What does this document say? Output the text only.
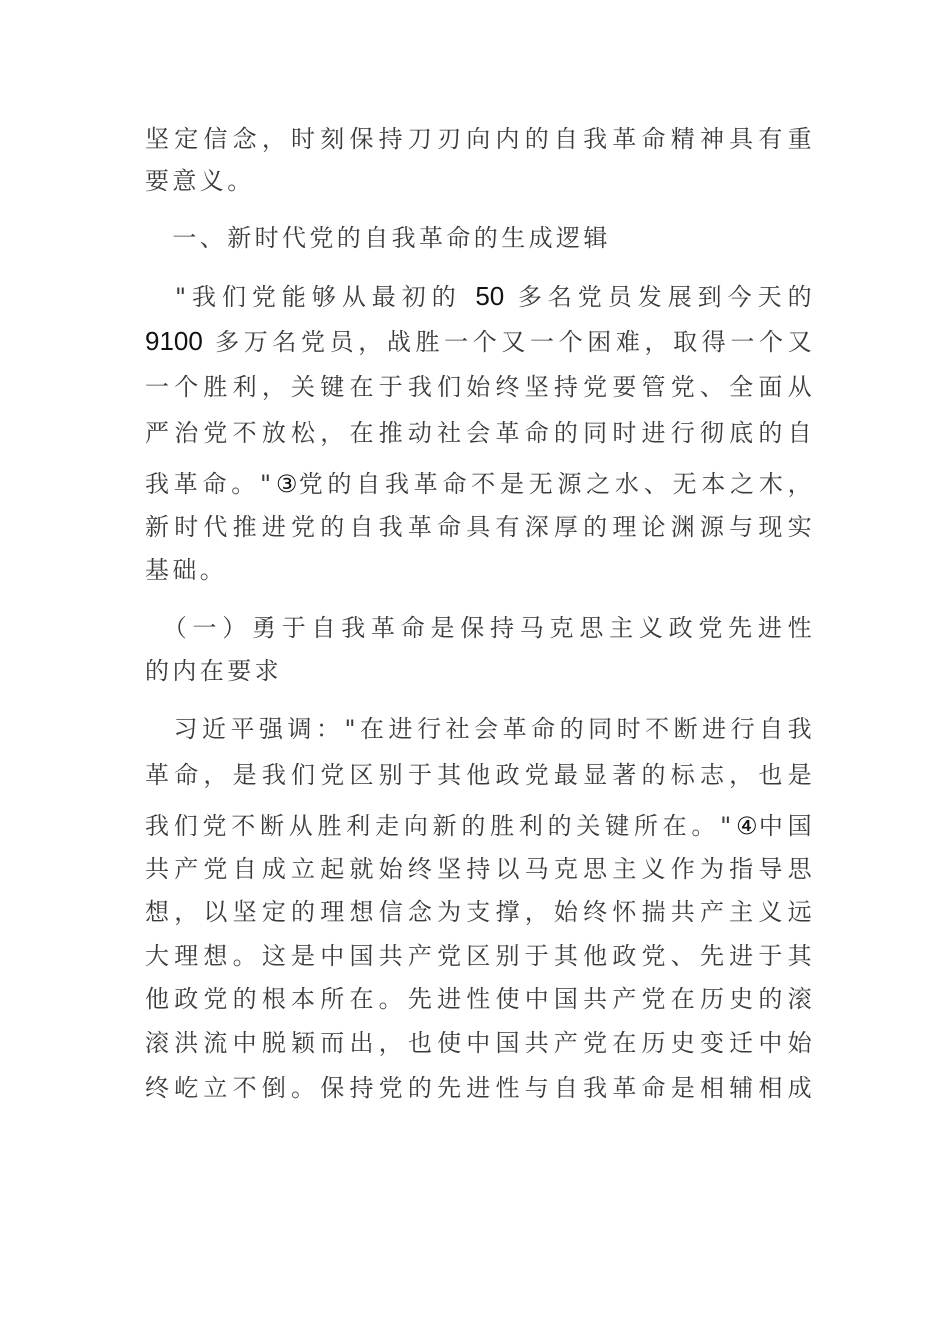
坚定信念，时刻保持刀刃向内的自我革命精神具有重
要意义。
　一、新时代党的自我革命的生成逻辑
　"我们党能够从最初的 50 多名党员发展到今天的
9100 多万名党员，战胜一个又一个困难，取得一个又
一个胜利，关键在于我们始终坚持党要管党、全面从
严治党不放松，在推动社会革命的同时进行彻底的自
我革命。"③党的自我革命不是无源之水、无本之木，
新时代推进党的自我革命具有深厚的理论渊源与现实
基础。
　（一）勇于自我革命是保持马克思主义政党先进性
的内在要求
　习近平强调："在进行社会革命的同时不断进行自我
革命，是我们党区别于其他政党最显著的标志，也是
我们党不断从胜利走向新的胜利的关键所在。"④中国
共产党自成立起就始终坚持以马克思主义作为指导思
想，以坚定的理想信念为支撑，始终怀揣共产主义远
大理想。这是中国共产党区别于其他政党、先进于其
他政党的根本所在。先进性使中国共产党在历史的滚
滚洪流中脱颖而出，也使中国共产党在历史变迁中始
终屹立不倒。保持党的先进性与自我革命是相辅相成
